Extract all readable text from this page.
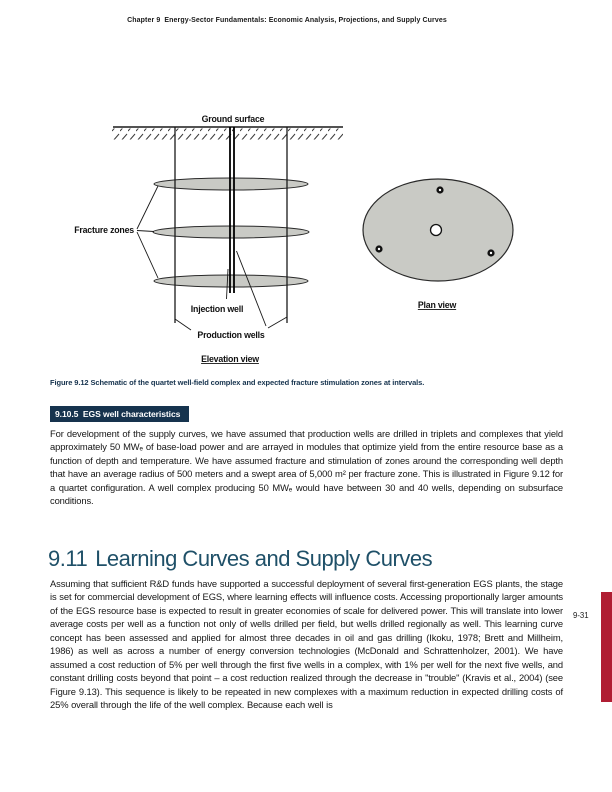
Chapter 9  Energy-Sector Fundamentals: Economic Analysis, Projections, and Supply Curves
Ground surface
Fracture zones
Injection well
Production wells
Elevation view
Plan view
Figure 9.12 Schematic of the quartet well-field complex and expected fracture stimulation zones at intervals.
9.10.5  EGS well characteristics
For development of the supply curves, we have assumed that production wells are drilled in triplets and complexes that yield approximately 50 MWₑ of base-load power and are arrayed in modules that optimize yield from the entire resource base as a function of depth and temperature. We have assumed fracture and stimulation of zones around the corresponding well depth that have an average radius of 500 meters and a swept area of 5,000 m² per fracture zone. This is illustrated in Figure 9.12 for a quartet configuration. A well complex producing 50 MWₑ would have between 30 and 40 wells, depending on subsurface conditions.
9.11 Learning Curves and Supply Curves
Assuming that sufficient R&D funds have supported a successful deployment of several first-generation EGS plants, the stage is set for commercial development of EGS, where learning effects will influence costs. Accessing proportionally larger amounts of the EGS resource base is expected to result in greater economies of scale for delivered power. This will translate into lower average costs per well as a function not only of wells drilled per field, but wells drilled regionally as well. This learning curve concept has been assessed and applied for almost three decades in oil and gas drilling (Ikoku, 1978; Brett and Millheim, 1986) as well as across a number of energy conversion technologies (McDonald and Schrattenholzer, 2001). We have assumed a cost reduction of 5% per well through the first five wells in a complex, with 1% per well for the next five wells, and constant drilling costs beyond that point – a cost reduction realized through the decrease in "trouble" (Kravis et al., 2004) (see Figure 9.13). This sequence is likely to be repeated in new complexes with a maximum reduction in expected drilling costs of 25% overall through the life of the well complex. Because each well is
9-31
